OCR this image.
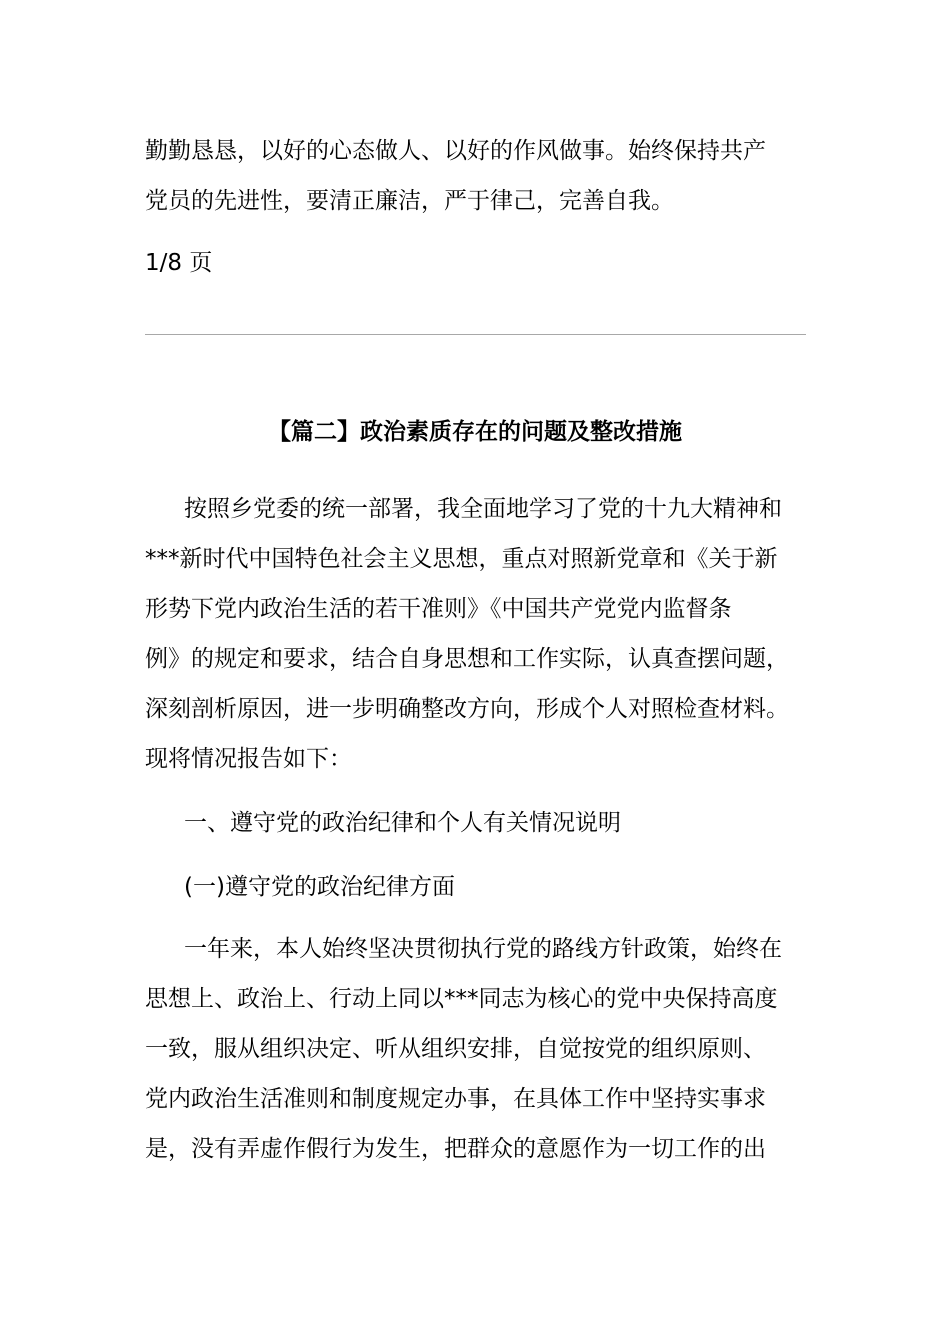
勤勤恳恳，以好的心态做人、以好的作风做事。始终保持共产

党员的先进性，要清正廉洁，严于律己，完善自我。

1/8 页

【篇二】政治素质存在的问题及整改措施

按照乡党委的统一部署，我全面地学习了党的十九大精神和

***新时代中国特色社会主义思想，重点对照新党章和《关于新

形势下党内政治生活的若干准则》《中国共产党党内监督条

例》的规定和要求，结合自身思想和工作实际，认真查摆问题，

深刻剖析原因，进一步明确整改方向，形成个人对照检查材料。

现将情况报告如下：

一、遵守党的政治纪律和个人有关情况说明

(一)遵守党的政治纪律方面

一年来，本人始终坚决贯彻执行党的路线方针政策，始终在

思想上、政治上、行动上同以***同志为核心的党中央保持高度

一致，服从组织决定、听从组织安排，自觉按党的组织原则、

党内政治生活准则和制度规定办事，在具体工作中坚持实事求

是，没有弄虚作假行为发生，把群众的意愿作为一切工作的出
